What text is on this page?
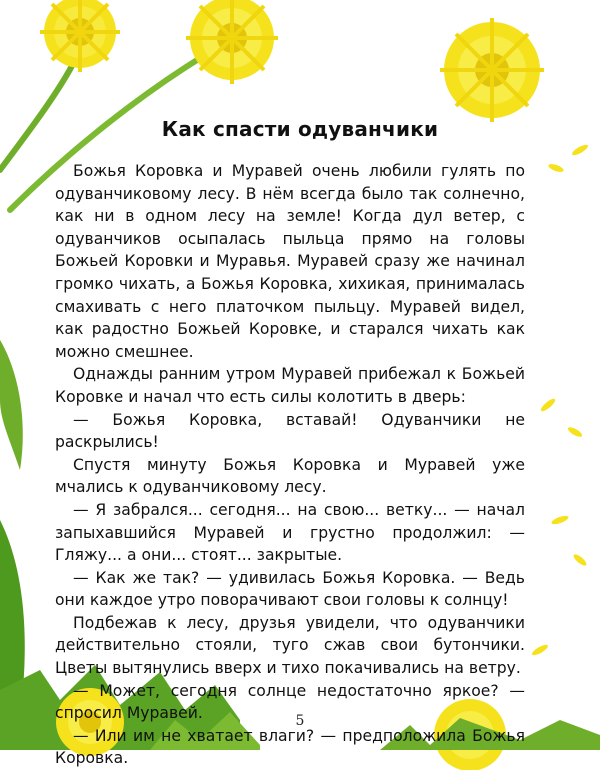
Как спасти одуванчики

Божья Коровка и Муравей очень любили гулять по одуванчиковому лесу. В нём всегда было так солнечно, как ни в одном лесу на земле! Когда дул ветер, с одуванчиков осыпалась пыльца прямо на головы Божьей Коровки и Муравья. Муравей сразу же начинал громко чихать, а Божья Коровка, хихикая, принималась смахивать с него платочком пыльцу. Муравей видел, как радостно Божьей Коровке, и старался чихать как можно смешнее.

Однажды ранним утром Муравей прибежал к Божьей Коровке и начал что есть силы колотить в дверь:

— Божья Коровка, вставай! Одуванчики не раскрылись!

Спустя минуту Божья Коровка и Муравей уже мчались к одуванчиковому лесу.

— Я забрался... сегодня... на свою... ветку... — начал запыхавшийся Муравей и грустно продолжил: — Гляжу... а они... стоят... закрытые.

— Как же так? — удивилась Божья Коровка. — Ведь они каждое утро поворачивают свои головы к солнцу!

Подбежав к лесу, друзья увидели, что одуванчики действительно стояли, туго сжав свои бутончики. Цветы вытянулись вверх и тихо покачивались на ветру.

— Может, сегодня солнце недостаточно яркое? — спросил Муравей.

— Или им не хватает влаги? — предположила Божья Коровка.

5
